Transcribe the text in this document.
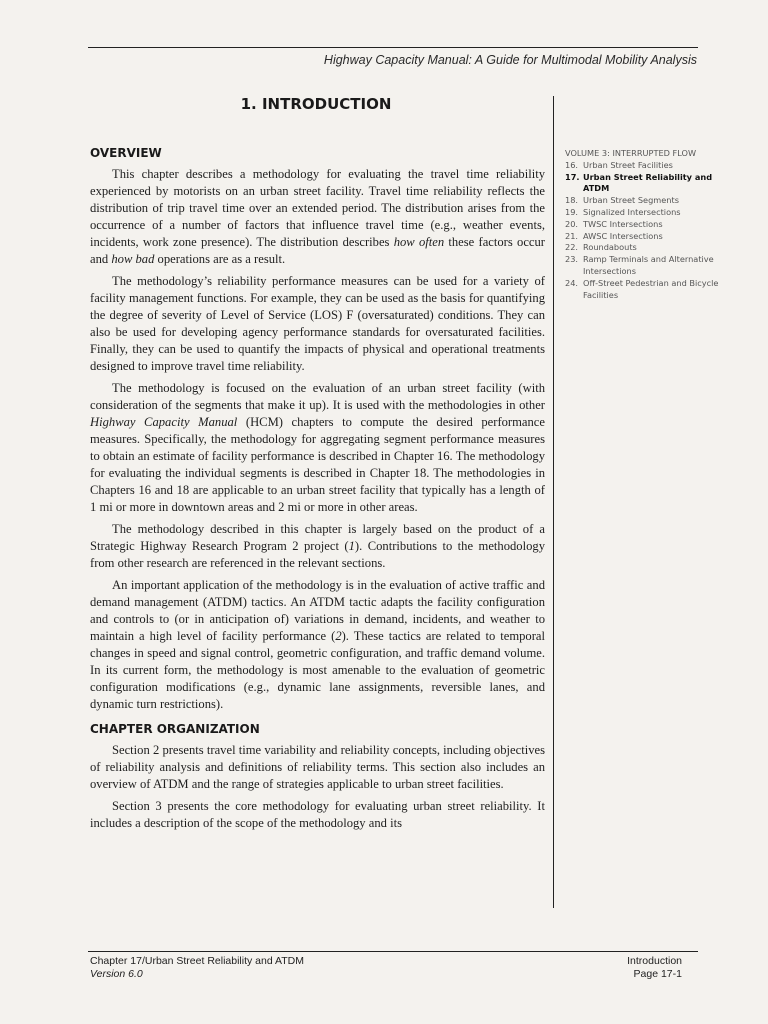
Highway Capacity Manual: A Guide for Multimodal Mobility Analysis
1. INTRODUCTION
OVERVIEW

This chapter describes a methodology for evaluating the travel time reliability experienced by motorists on an urban street facility. Travel time reliability reflects the distribution of trip travel time over an extended period. The distribution arises from the occurrence of a number of factors that influence travel time (e.g., weather events, incidents, work zone presence). The distribution describes how often these factors occur and how bad operations are as a result.

The methodology’s reliability performance measures can be used for a variety of facility management functions. For example, they can be used as the basis for quantifying the degree of severity of Level of Service (LOS) F (oversaturated) conditions. They can also be used for developing agency performance standards for oversaturated facilities. Finally, they can be used to quantify the impacts of physical and operational treatments designed to improve travel time reliability.

The methodology is focused on the evaluation of an urban street facility (with consideration of the segments that make it up). It is used with the methodologies in other Highway Capacity Manual (HCM) chapters to compute the desired performance measures. Specifically, the methodology for aggregating segment performance measures to obtain an estimate of facility performance is described in Chapter 16. The methodology for evaluating the individual segments is described in Chapter 18. The methodologies in Chapters 16 and 18 are applicable to an urban street facility that typically has a length of 1 mi or more in downtown areas and 2 mi or more in other areas.

The methodology described in this chapter is largely based on the product of a Strategic Highway Research Program 2 project (1). Contributions to the methodology from other research are referenced in the relevant sections.

An important application of the methodology is in the evaluation of active traffic and demand management (ATDM) tactics. An ATDM tactic adapts the facility configuration and controls to (or in anticipation of) variations in demand, incidents, and weather to maintain a high level of facility performance (2). These tactics are related to temporal changes in speed and signal control, geometric configuration, and traffic demand volume. In its current form, the methodology is most amenable to the evaluation of geometric configuration modifications (e.g., dynamic lane assignments, reversible lanes, and dynamic turn restrictions).

CHAPTER ORGANIZATION

Section 2 presents travel time variability and reliability concepts, including objectives of reliability analysis and definitions of reliability terms. This section also includes an overview of ATDM and the range of strategies applicable to urban street facilities.

Section 3 presents the core methodology for evaluating urban street reliability. It includes a description of the scope of the methodology and its

VOLUME 3: INTERRUPTED FLOW
16. Urban Street Facilities
17. Urban Street Reliability and ATDM
18. Urban Street Segments
19. Signalized Intersections
20. TWSC Intersections
21. AWSC Intersections
22. Roundabouts
23. Ramp Terminals and Alternative Intersections
24. Off-Street Pedestrian and Bicycle Facilities
Chapter 17/Urban Street Reliability and ATDM
Version 6.0
Introduction
Page 17-1
